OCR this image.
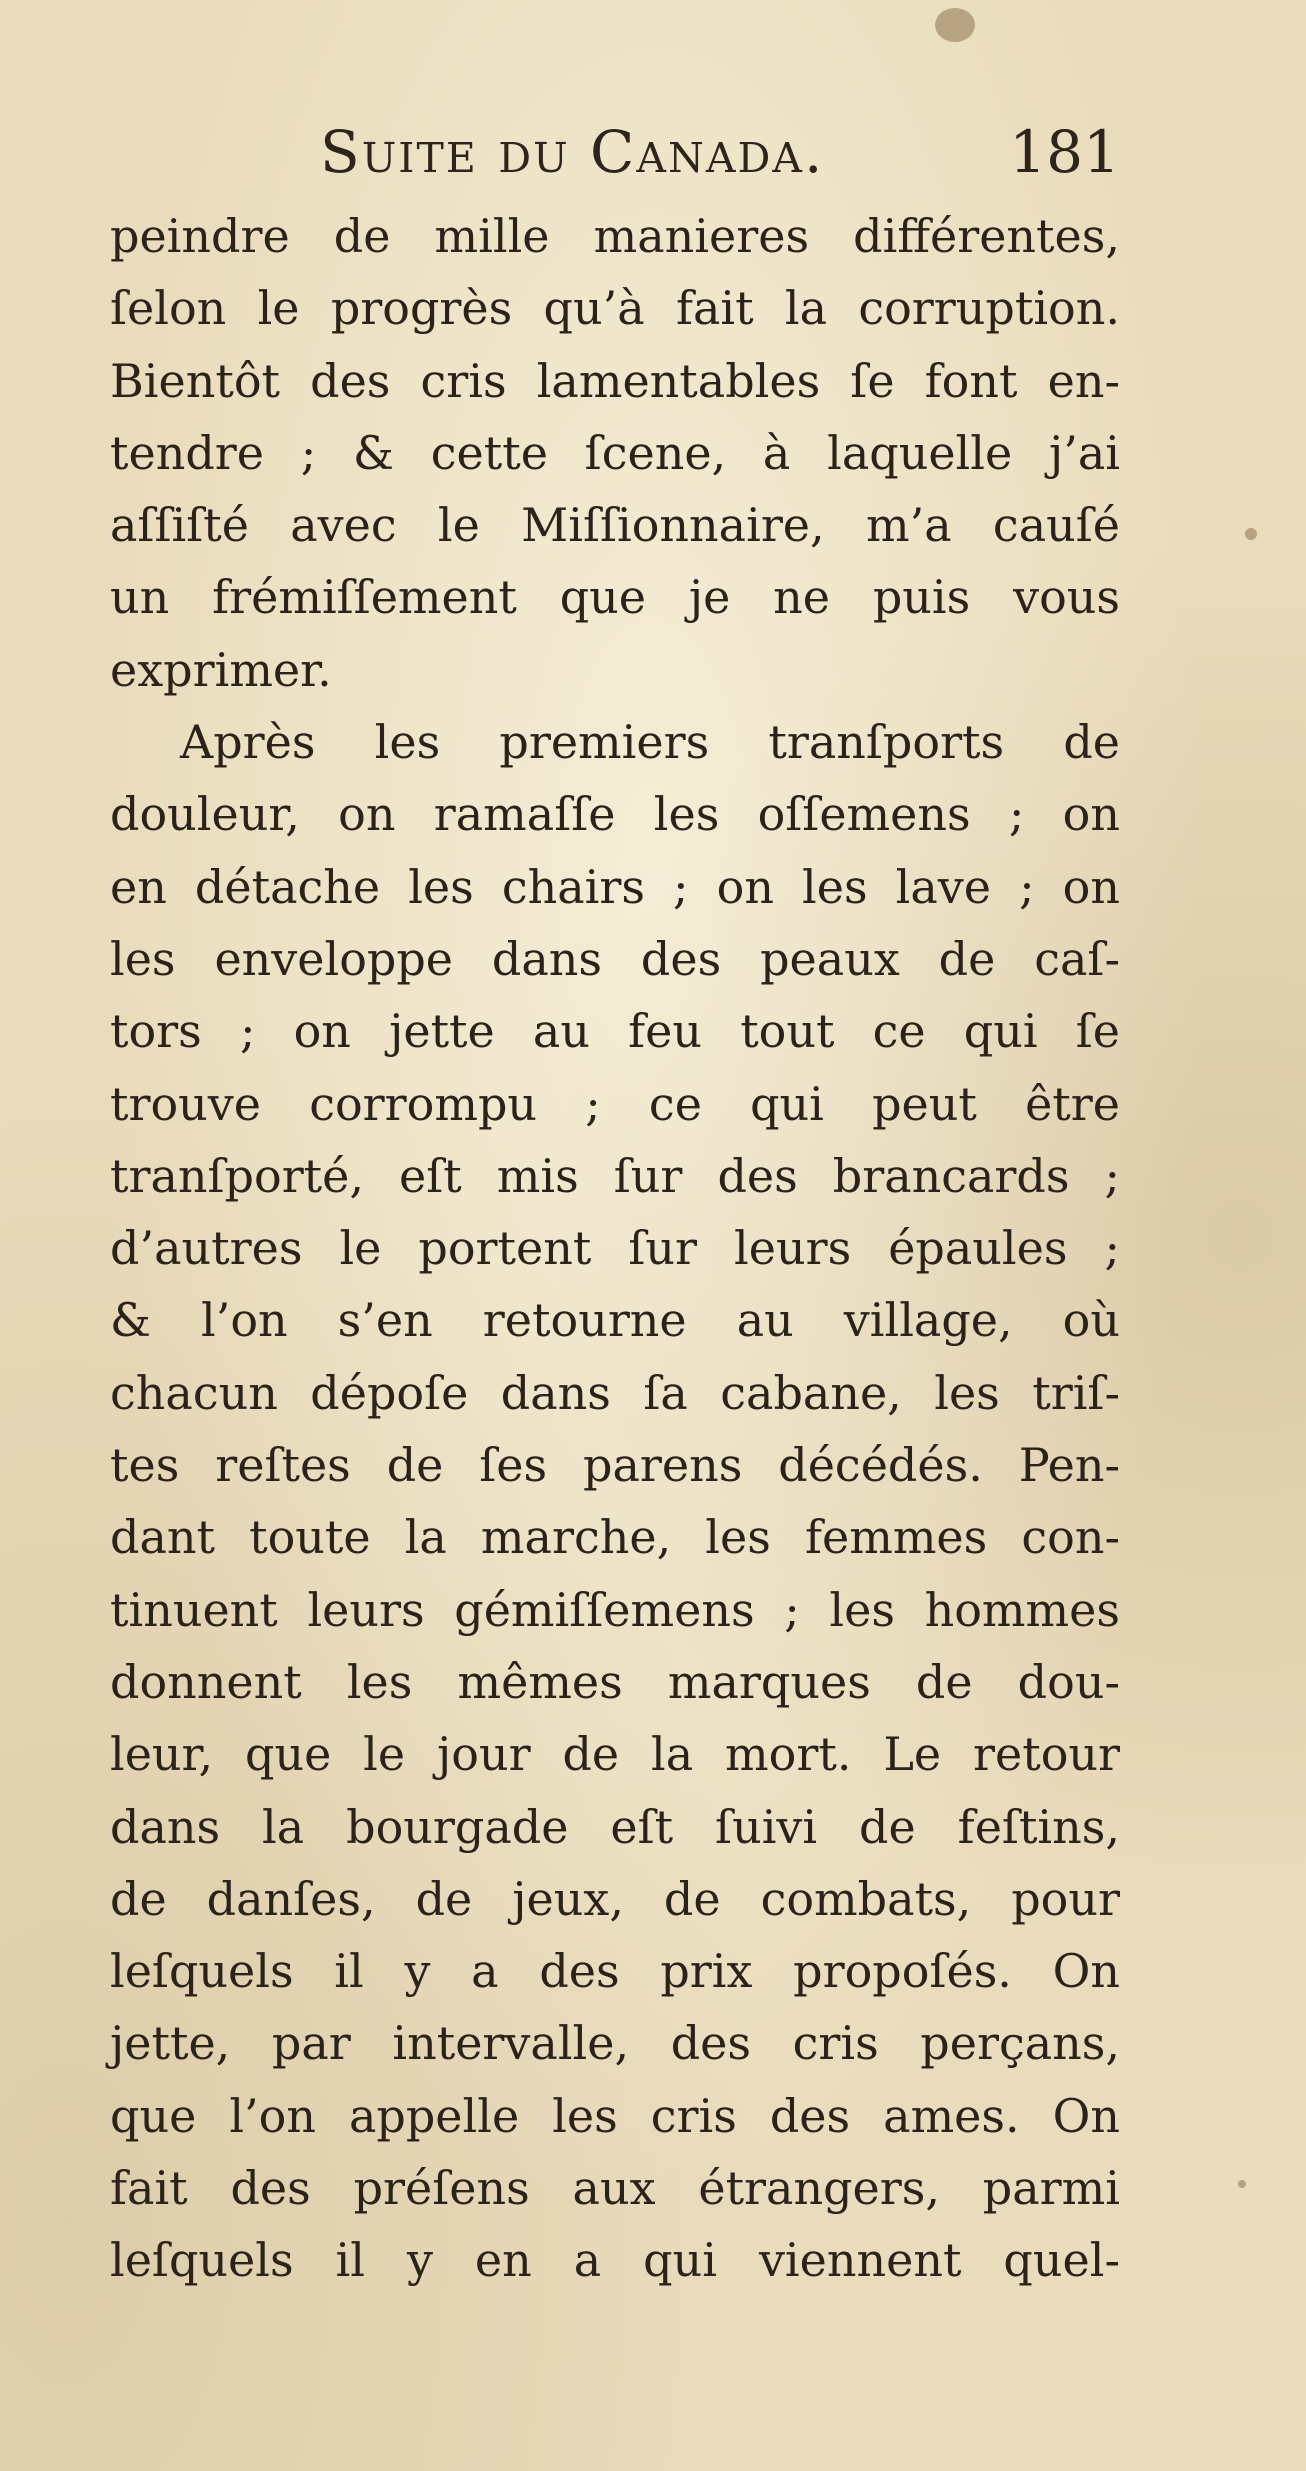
Suite du Canada.	181
peindre de mille manieres différentes,
ſelon le progrès qu’à fait la corruption.
Bientôt des cris lamentables ſe font en-
tendre ; & cette ſcene, à laquelle j’ai
aſſiſté avec le Miſſionnaire, m’a cauſé
un frémiſſement que je ne puis vous
exprimer.
Après les premiers tranſports de
douleur, on ramaſſe les oſſemens ; on
en détache les chairs ; on les lave ; on
les enveloppe dans des peaux de caſ-
tors ; on jette au feu tout ce qui ſe
trouve corrompu ; ce qui peut être
tranſporté, eſt mis ſur des brancards ;
d’autres le portent ſur leurs épaules ;
& l’on s’en retourne au village, où
chacun dépoſe dans ſa cabane, les triſ-
tes reſtes de ſes parens décédés. Pen-
dant toute la marche, les femmes con-
tinuent leurs gémiſſemens ; les hommes
donnent les mêmes marques de dou-
leur, que le jour de la mort. Le retour
dans la bourgade eſt ſuivi de feſtins,
de danſes, de jeux, de combats, pour
leſquels il y a des prix propoſés. On
jette, par intervalle, des cris perçans,
que l’on appelle les cris des ames. On
fait des préſens aux étrangers, parmi
leſquels il y en a qui viennent quel-
